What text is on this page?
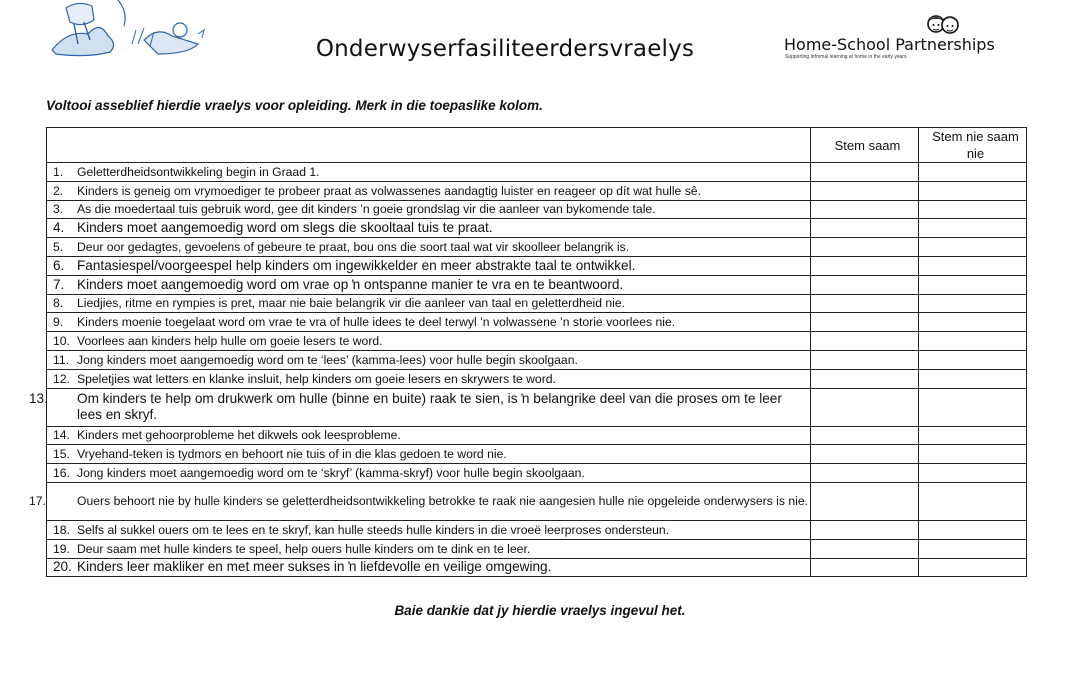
Onderwyserfasiliteerdersvraelys	Home-School Partnerships
Supporting informal learning at home in the early years
Voltooi asseblief hierdie vraelys voor opleiding. Merk in die toepaslike kolom.
	Stem saam	Stem nie saam nie
1. Geletterdheidsontwikkeling begin in Graad 1.		
2. Kinders is geneig om vrymoediger te probeer praat as volwassenes aandagtig luister en reageer op dít wat hulle sê.		
3. As die moedertaal tuis gebruik word, gee dit kinders ’n goeie grondslag vir die aanleer van bykomende tale.		
4. Kinders moet aangemoedig word om slegs die skooltaal tuis te praat.		
5. Deur oor gedagtes, gevoelens of gebeure te praat, bou ons die soort taal wat vir skoolleer belangrik is.		
6. Fantasiespel/voorgeespel help kinders om ingewikkelder en meer abstrakte taal te ontwikkel.		
7. Kinders moet aangemoedig word om vrae op ŉ ontspanne manier te vra en te beantwoord.		
8. Liedjies, ritme en rympies is pret, maar nie baie belangrik vir die aanleer van taal en geletterdheid nie.		
9. Kinders moenie toegelaat word om vrae te vra of hulle idees te deel terwyl ’n volwassene ’n storie voorlees nie.		
10. Voorlees aan kinders help hulle om goeie lesers te word.		
11. Jong kinders moet aangemoedig word om te ‘lees’ (kamma-lees) voor hulle begin skoolgaan.		
12. Speletjies wat letters en klanke insluit, help kinders om goeie lesers en skrywers te word.		
13. Om kinders te help om drukwerk om hulle (binne en buite) raak te sien, is ŉ belangrike deel van die proses om te leer lees en skryf.		
14. Kinders met gehoorprobleme het dikwels ook leesprobleme.		
15. Vryehand-teken is tydmors en behoort nie tuis of in die klas gedoen te word nie.		
16. Jong kinders moet aangemoedig word om te ‘skryf’ (kamma-skryf) voor hulle begin skoolgaan.		
17. Ouers behoort nie by hulle kinders se geletterdheidsontwikkeling betrokke te raak nie aangesien hulle nie opgeleide onderwysers is nie.		
18. Selfs al sukkel ouers om te lees en te skryf, kan hulle steeds hulle kinders in die vroeë leerproses ondersteun.		
19. Deur saam met hulle kinders te speel, help ouers hulle kinders om te dink en te leer.		
20. Kinders leer makliker en met meer sukses in ŉ liefdevolle en veilige omgewing.		
Baie dankie dat jy hierdie vraelys ingevul het.
